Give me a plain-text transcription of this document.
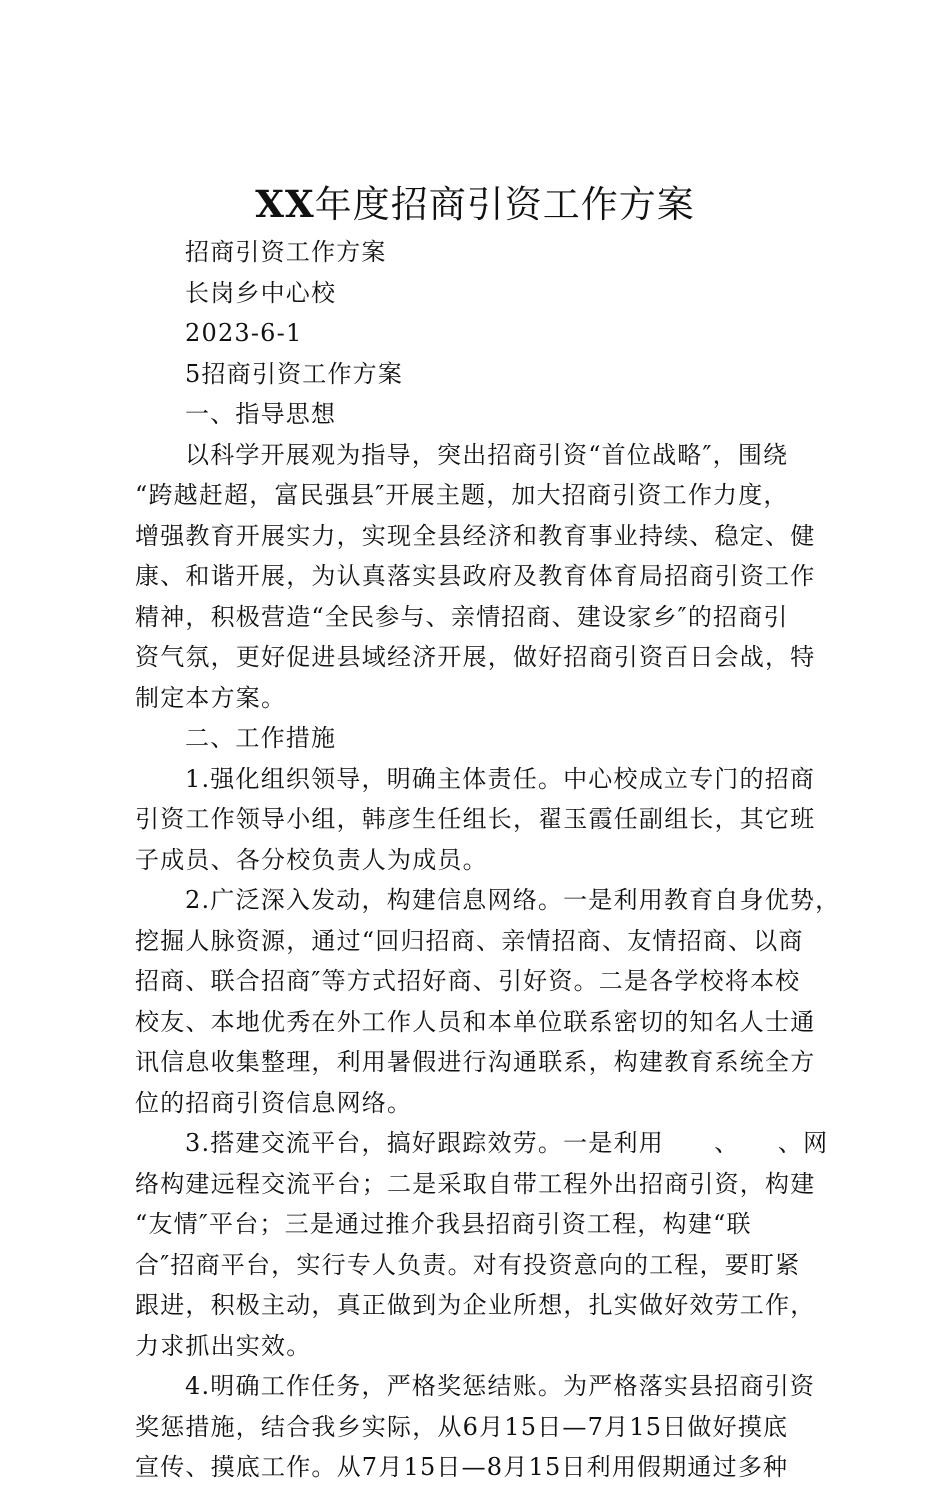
XX年度招商引资工作方案

招商引资工作方案

长岗乡中心校

2023-6-1

5招商引资工作方案

一、指导思想

以科学开展观为指导，突出招商引资“首位战略″，围绕

“跨越赶超，富民强县″开展主题，加大招商引资工作力度，

增强教育开展实力，实现全县经济和教育事业持续、稳定、健

康、和谐开展，为认真落实县政府及教育体育局招商引资工作

精神，积极营造“全民参与、亲情招商、建设家乡″的招商引

资气氛，更好促进县域经济开展，做好招商引资百日会战，特

制定本方案。

二、工作措施

1.强化组织领导，明确主体责任。中心校成立专门的招商

引资工作领导小组，韩彦生任组长，翟玉霞任副组长，其它班

子成员、各分校负责人为成员。

2.广泛深入发动，构建信息网络。一是利用教育自身优势，

挖掘人脉资源，通过“回归招商、亲情招商、友情招商、以商

招商、联合招商″等方式招好商、引好资。二是各学校将本校

校友、本地优秀在外工作人员和本单位联系密切的知名人士通

讯信息收集整理，利用暑假进行沟通联系，构建教育系统全方

位的招商引资信息网络。

3.搭建交流平台，搞好跟踪效劳。一是利用　　、　　、网

络构建远程交流平台；二是采取自带工程外出招商引资，构建

“友情″平台；三是通过推介我县招商引资工程，构建“联

合″招商平台，实行专人负责。对有投资意向的工程，要盯紧

跟进，积极主动，真正做到为企业所想，扎实做好效劳工作，

力求抓出实效。

4.明确工作任务，严格奖惩结账。为严格落实县招商引资

奖惩措施，结合我乡实际，从6月15日—7月15日做好摸底

宣传、摸底工作。从7月15日—8月15日利用假期通过多种
